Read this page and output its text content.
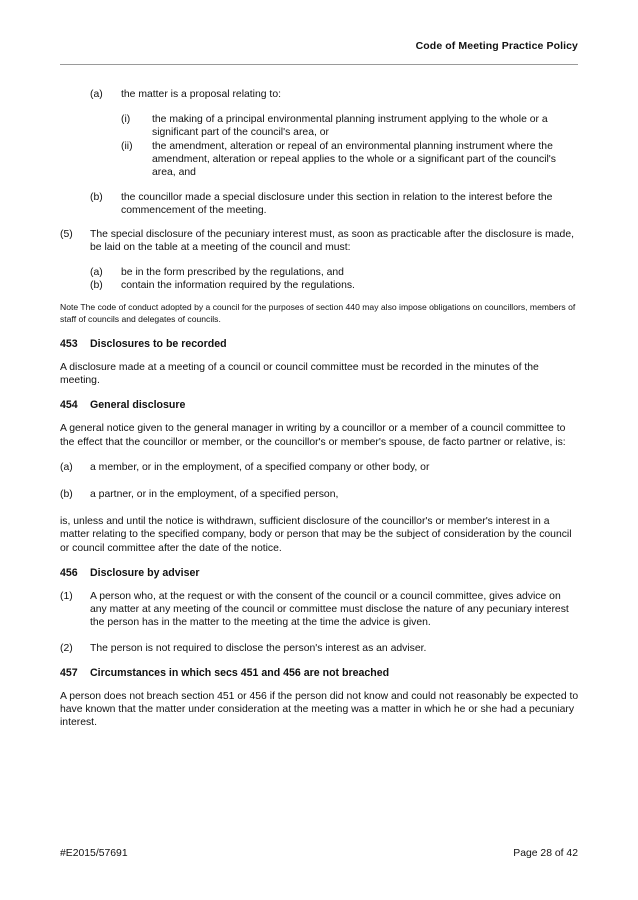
Code of Meeting Practice Policy
(a)	the matter is a proposal relating to:
(i)	the making of a principal environmental planning instrument applying to the whole or a significant part of the council's area, or
(ii)	the amendment, alteration or repeal of an environmental planning instrument where the amendment, alteration or repeal applies to the whole or a significant part of the council's area, and
(b)	the councillor made a special disclosure under this section in relation to the interest before the commencement of the meeting.
(5)	The special disclosure of the pecuniary interest must, as soon as practicable after the disclosure is made, be laid on the table at a meeting of the council and must:
(a)	be in the form prescribed by the regulations, and
(b)	contain the information required by the regulations.
Note The code of conduct adopted by a council for the purposes of section 440 may also impose obligations on councillors, members of staff of councils and delegates of councils.
453	Disclosures to be recorded
A disclosure made at a meeting of a council or council committee must be recorded in the minutes of the meeting.
454	General disclosure
A general notice given to the general manager in writing by a councillor or a member of a council committee to the effect that the councillor or member, or the councillor's or member's spouse, de facto partner or relative, is:
(a)	a member, or in the employment, of a specified company or other body, or
(b)	a partner, or in the employment, of a specified person,
is, unless and until the notice is withdrawn, sufficient disclosure of the councillor's or member's interest in a matter relating to the specified company, body or person that may be the subject of consideration by the council or council committee after the date of the notice.
456	Disclosure by adviser
(1)	A person who, at the request or with the consent of the council or a council committee, gives advice on any matter at any meeting of the council or committee must disclose the nature of any pecuniary interest the person has in the matter to the meeting at the time the advice is given.
(2)	The person is not required to disclose the person's interest as an adviser.
457	Circumstances in which secs 451 and 456 are not breached
A person does not breach section 451 or 456 if the person did not know and could not reasonably be expected to have known that the matter under consideration at the meeting was a matter in which he or she had a pecuniary interest.
#E2015/57691	Page 28 of 42
